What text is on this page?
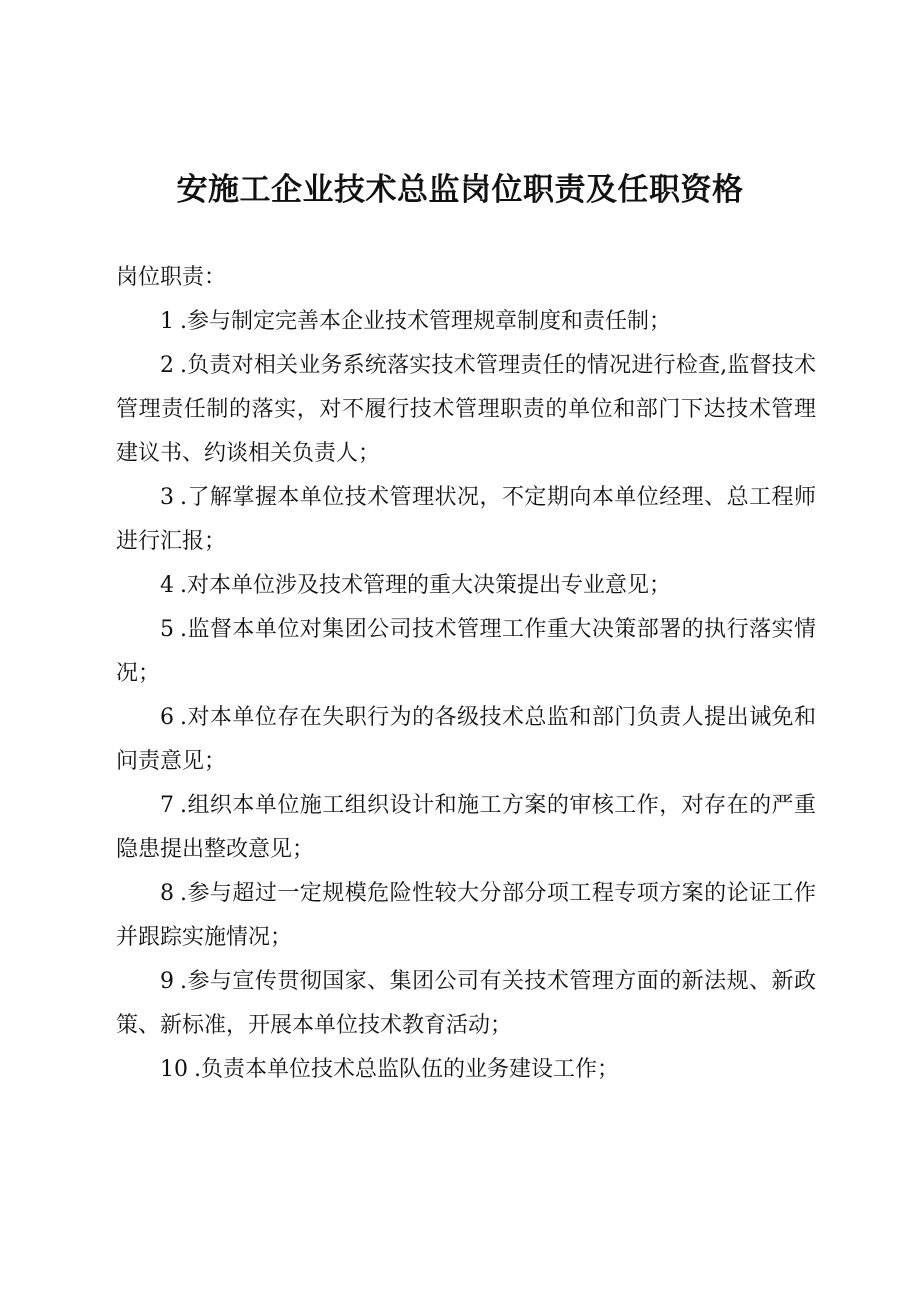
安施工企业技术总监岗位职责及任职资格

岗位职责：

1 .参与制定完善本企业技术管理规章制度和责任制；

2 .负责对相关业务系统落实技术管理责任的情况进行检查,监督技术管理责任制的落实，对不履行技术管理职责的单位和部门下达技术管理建议书、约谈相关负责人；

3 .了解掌握本单位技术管理状况，不定期向本单位经理、总工程师进行汇报；

4 .对本单位涉及技术管理的重大决策提出专业意见；

5 .监督本单位对集团公司技术管理工作重大决策部署的执行落实情况；

6 .对本单位存在失职行为的各级技术总监和部门负责人提出诫免和问责意见；

7 .组织本单位施工组织设计和施工方案的审核工作，对存在的严重隐患提出整改意见；

8 .参与超过一定规模危险性较大分部分项工程专项方案的论证工作并跟踪实施情况；

9 .参与宣传贯彻国家、集团公司有关技术管理方面的新法规、新政策、新标准，开展本单位技术教育活动；

10 .负责本单位技术总监队伍的业务建设工作；
